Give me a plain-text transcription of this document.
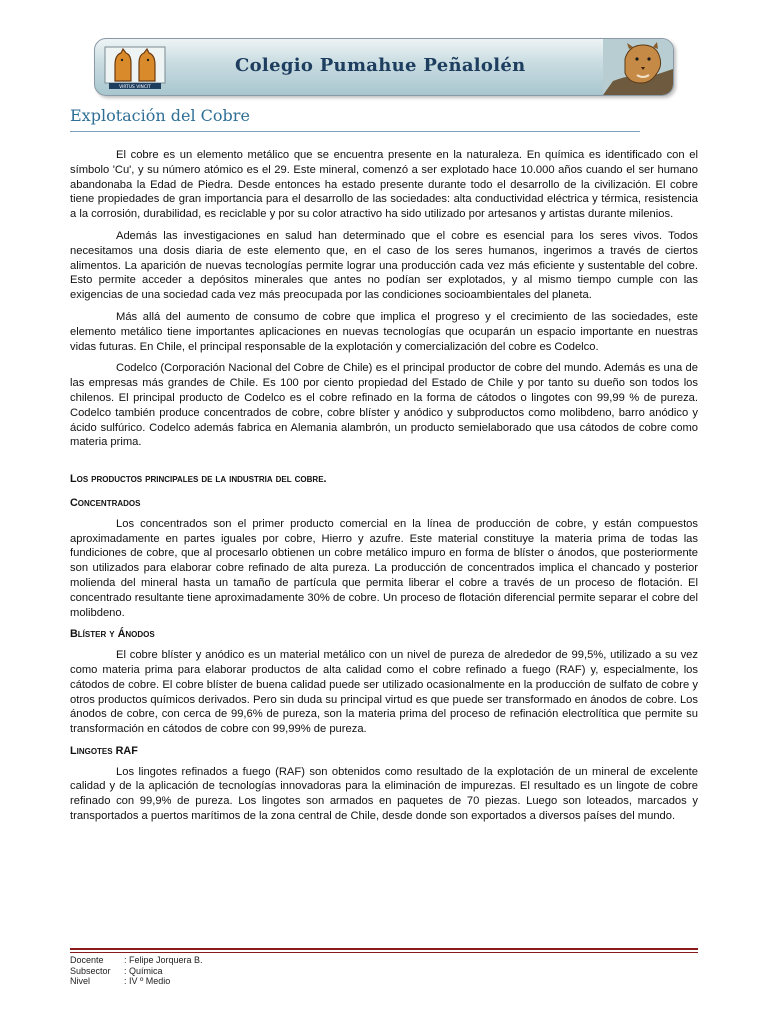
VIRTUS VINCIT
Colegio Pumahue Peñalolén
Explotación del Cobre

El cobre es un elemento metálico que se encuentra presente en la naturaleza. En química es identificado con el símbolo 'Cu', y su número atómico es el 29. Este mineral, comenzó a ser explotado hace 10.000 años cuando el ser humano abandonaba la Edad de Piedra. Desde entonces ha estado presente durante todo el desarrollo de la civilización. El cobre tiene propiedades de gran importancia para el desarrollo de las sociedades: alta conductividad eléctrica y térmica, resistencia a la corrosión, durabilidad, es reciclable y por su color atractivo ha sido utilizado por artesanos y artistas durante milenios.

Además las investigaciones en salud han determinado que el cobre es esencial para los seres vivos. Todos necesitamos una dosis diaria de este elemento que, en el caso de los seres humanos, ingerimos a través de ciertos alimentos. La aparición de nuevas tecnologías permite lograr una producción cada vez más eficiente y sustentable del cobre. Esto permite acceder a depósitos minerales que antes no podían ser explotados, y al mismo tiempo cumple con las exigencias de una sociedad cada vez más preocupada por las condiciones socioambientales del planeta.

Más allá del aumento de consumo de cobre que implica el progreso y el crecimiento de las sociedades, este elemento metálico tiene importantes aplicaciones en nuevas tecnologías que ocuparán un espacio importante en nuestras vidas futuras. En Chile, el principal responsable de la explotación y comercialización del cobre es Codelco.

Codelco (Corporación Nacional del Cobre de Chile) es el principal productor de cobre del mundo. Además es una de las empresas más grandes de Chile. Es 100 por ciento propiedad del Estado de Chile y por tanto su dueño son todos los chilenos. El principal producto de Codelco es el cobre refinado en la forma de cátodos o lingotes con 99,99 % de pureza. Codelco también produce concentrados de cobre, cobre blíster y anódico y subproductos como molibdeno, barro anódico y ácido sulfúrico. Codelco además fabrica en Alemania alambrón, un producto semielaborado que usa cátodos de cobre como materia prima.

Los productos principales de la industria del cobre.
Concentrados

Los concentrados son el primer producto comercial en la línea de producción de cobre, y están compuestos aproximadamente en partes iguales por cobre, Hierro y azufre. Este material constituye la materia prima de todas las fundiciones de cobre, que al procesarlo obtienen un cobre metálico impuro en forma de blíster o ánodos, que posteriormente son utilizados para elaborar cobre refinado de alta pureza. La producción de concentrados implica el chancado y posterior molienda del mineral hasta un tamaño de partícula que permita liberar el cobre a través de un proceso de flotación. El concentrado resultante tiene aproximadamente 30% de cobre. Un proceso de flotación diferencial permite separar el cobre del molibdeno.

Blíster y Ánodos

El cobre blíster y anódico es un material metálico con un nivel de pureza de alrededor de 99,5%, utilizado a su vez como materia prima para elaborar productos de alta calidad como el cobre refinado a fuego (RAF) y, especialmente, los cátodos de cobre. El cobre blíster de buena calidad puede ser utilizado ocasionalmente en la producción de sulfato de cobre y otros productos químicos derivados. Pero sin duda su principal virtud es que puede ser transformado en ánodos de cobre. Los ánodos de cobre, con cerca de 99,6% de pureza, son la materia prima del proceso de refinación electrolítica que permite su transformación en cátodos de cobre con 99,99% de pureza.

Lingotes RAF

Los lingotes refinados a fuego (RAF) son obtenidos como resultado de la explotación de un mineral de excelente calidad y de la aplicación de tecnologías innovadoras para la eliminación de impurezas. El resultado es un lingote de cobre refinado con 99,9% de pureza. Los lingotes son armados en paquetes de 70 piezas. Luego son loteados, marcados y transportados a puertos marítimos de la zona central de Chile, desde donde son exportados a diversos países del mundo.

Docente	: Felipe Jorquera B.
Subsector	: Química
Nivel	: IV º Medio
